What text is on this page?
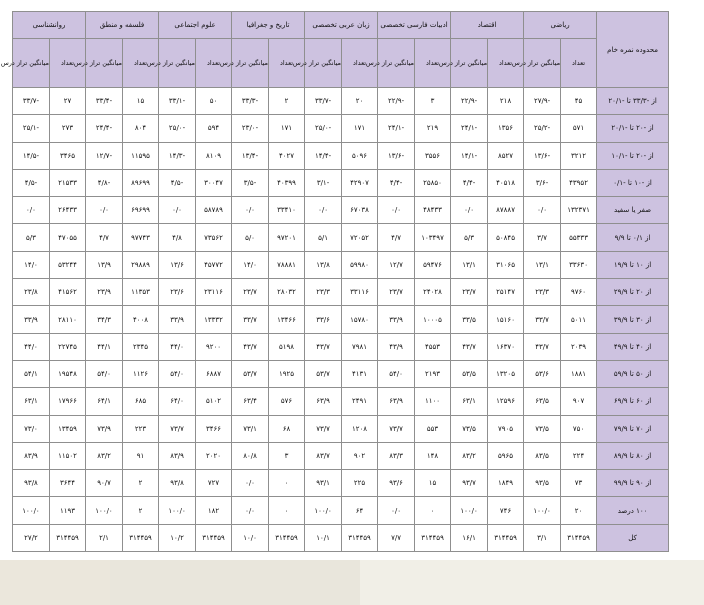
محدوده نمره خام	ریاضی		اقتصاد		ادبیات فارسی تخصصی		زبان عربی تخصصی		تاریخ و جغرافیا		علوم اجتماعی		فلسفه و منطق		روانشناسی	
	تعداد	میانگین تراز درس	تعداد	میانگین تراز درس	تعداد	میانگین تراز درس	تعداد	میانگین تراز درس	تعداد	میانگین تراز درس	تعداد	میانگین تراز درس	تعداد	میانگین تراز درس	تعداد	میانگین تراز درس
از -۳۳/۳ تا -۲۰/۱	۴۵	-۲۷/۹	۲۱۸	-۲۲/۹	۳	-۲۲/۹	۲۰	-۳۳/۷	۲	-۳۳/۳	۵۰	-۳۳/۱	۱۵	-۳۳/۴	۲۷	-۳۳/۷
از -۲۰ تا -۲۰/۱	۵۷۱	-۲۵/۲	۱۳۵۶	-۲۴/۱	۲۱۹	-۲۴/۱	۱۷۱	-۲۵/۰	۱۷۱	-۲۳/۰	۵۹۴	-۲۵/۰	۸۰۴	-۲۴/۴	۲۷۳	-۲۵/۱
از -۲۰ تا -۱۰/۱	۳۲۱۲	-۱۳/۶	۸۵۲۷	-۱۴/۱	۳۵۵۶	-۱۳/۶	۵۰۹۶	-۱۴/۴	۴۰۲۷	-۱۳/۴	۸۱۰۹	-۱۴/۳	۱۱۵۹۵	-۱۲/۷	۳۴۶۵	-۱۴/۵
از -۱۰ تا -۰/۱	۴۳۹۵۲	-۳/۶	۴۰۵۱۸	-۴/۴	۲۵۸۵۰	-۴/۴	۴۲۹۰۷	-۳/۱	۴۰۳۹۹	-۳/۵	۳۰۰۴۷	-۴/۵	۸۹۶۹۹	-۴/۸	۲۱۵۳۳	-۴/۵
صفر یا سفید	۱۳۲۳۷۱	۰/۰	۸۷۸۸۷	۰/۰	۴۸۴۳۳	۰/۰	۶۷۰۳۸	۰/۰	۳۳۴۱۰	۰/۰	۵۸۷۸۹	۰/۰	۶۹۶۹۹	۰/۰	۲۶۴۳۳	۰/۰
از ۰/۱ تا ۹/۹	۵۵۳۳۳	۳/۷	۵۰۸۴۵	۵/۳	۱۰۳۴۹۷	۴/۷	۷۲۰۵۲	۵/۱	۹۷۲۰۱	۵/۰	۷۳۵۶۲	۴/۸	۹۷۷۴۳	۴/۷	۴۷۰۵۵	۵/۳
از ۱۰ تا ۱۹/۹	۳۳۶۳۰	۱۳/۱	۳۱۰۶۵	۱۳/۱	۵۹۴۷۶	۱۲/۷	۵۹۹۸۰	۱۳/۸	۷۸۸۸۱	۱۴/۰	۴۵۷۷۲	۱۳/۶	۲۹۸۸۹	۱۳/۹	۵۳۲۴۴	۱۴/۰
از ۲۰ تا ۲۹/۹	۹۷۶۰	۲۳/۳	۲۵۱۴۷	۲۳/۷	۲۴۰۲۸	۲۳/۷	۳۳۱۱۶	۲۳/۳	۲۸۰۳۲	۲۳/۷	۲۳۱۱۶	۲۳/۶	۱۱۳۵۳	۲۳/۹	۴۱۵۶۲	۲۳/۸
از ۳۰ تا ۳۹/۹	۵۰۱۱	۳۳/۷	۱۵۱۶۰	۳۳/۵	۱۰۰۰۵	۳۳/۹	۱۵۷۸۰	۳۳/۶	۱۳۴۶۶	۳۳/۷	۱۳۳۳۲	۳۳/۹	۴۰۰۸	۳۴/۳	۲۸۱۱۰	۳۳/۹
از ۴۰ تا ۴۹/۹	۲۰۳۹	۴۳/۷	۱۶۳۷۰	۴۳/۷	۴۵۵۳	۴۳/۹	۷۹۸۱	۴۳/۷	۵۱۹۸	۴۳/۷	۹۲۰۰	۴۴/۰	۲۳۴۵	۴۴/۱	۲۲۷۴۵	۴۴/۰
از ۵۰ تا ۵۹/۹	۱۸۸۱	۵۳/۶	۱۳۲۰۵	۵۳/۵	۲۱۹۳	۵۴/۰	۴۱۳۱	۵۳/۷	۱۹۲۵	۵۳/۷	۶۸۸۷	۵۴/۰	۱۱۲۶	۵۴/۰	۱۹۵۴۸	۵۴/۱
از ۶۰ تا ۶۹/۹	۹۰۷	۶۳/۵	۱۲۵۹۶	۶۳/۱	۱۱۰۰	۶۳/۹	۲۴۹۱	۶۳/۹	۵۷۶	۶۳/۴	۵۱۰۲	۶۴/۰	۶۸۵	۶۴/۱	۱۷۹۶۶	۶۳/۱
از ۷۰ تا ۷۹/۹	۷۵۰	۷۳/۵	۷۹۰۵	۷۳/۵	۵۵۳	۷۳/۷	۱۲۰۸	۷۳/۷	۶۸	۷۳/۱	۳۴۶۶	۷۳/۷	۲۲۳	۷۳/۹	۱۳۴۵۹	۷۳/۰
از ۸۰ تا ۸۹/۹	۲۲۴	۸۳/۵	۵۹۶۵	۸۳/۲	۱۴۸	۸۳/۳	۹۰۲	۸۳/۷	۳	۸۰/۸	۲۰۲۰	۸۳/۹	۹۱	۸۳/۲	۱۱۵۰۲	۸۳/۹
از ۹۰ تا ۹۹/۹	۷۳	۹۳/۵	۱۸۴۹	۹۳/۷	۱۵	۹۳/۶	۲۲۵	۹۳/۱	۰	۰/۰	۷۲۷	۹۳/۸	۲	۹۰/۷	۳۶۴۴	۹۳/۸
۱۰۰ درصد	۲۰	۱۰۰/۰	۷۴۶	۱۰۰/۰	۰	۰/۰	۶۴	۱۰۰/۰	۰	۰/۰	۱۸۲	۱۰۰/۰	۲	۱۰۰/۰	۱۱۹۳	۱۰۰/۰
کل	۳۱۴۴۵۹	۳/۱	۳۱۴۴۵۹	۱۶/۱	۳۱۴۴۵۹	۷/۷	۳۱۴۴۵۹	۱۰/۱	۳۱۴۴۵۹	۱۰/۰	۳۱۴۴۵۹	۱۰/۲	۳۱۴۴۵۹	۲/۱	۳۱۴۴۵۹	۲۷/۲
